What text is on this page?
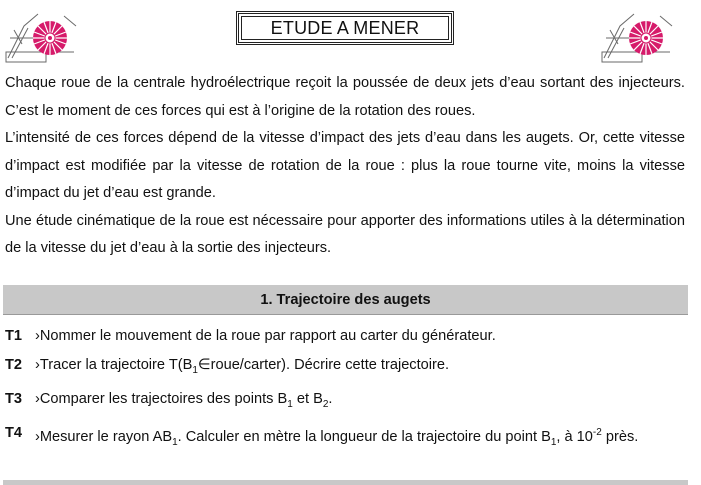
ETUDE A MENER

Chaque roue de la centrale hydroélectrique reçoit la poussée de deux jets d’eau sortant des injecteurs. C’est le moment de ces forces qui est à l’origine de la rotation des roues.

L’intensité de ces forces dépend de la vitesse d’impact des jets d’eau dans les augets. Or, cette vitesse d’impact est modifiée par la vitesse de rotation de la roue : plus la roue tourne vite, moins la vitesse d’impact du jet d’eau est grande.

Une étude cinématique de la roue est nécessaire pour apporter des informations utiles à la détermination de la vitesse du jet d’eau à la sortie des injecteurs.

1. Trajectoire des augets
T1 ›Nommer le mouvement de la roue par rapport au carter du générateur.
T2 ›Tracer la trajectoire $T(B_1\in roue/carter)$. Décrire cette trajectoire.
T3 ›Comparer les trajectoires des points $B_1$ et $B_2$.
T4 ›Mesurer le rayon $AB_1$. Calculer en mètre la longueur de la trajectoire du point $B_1$, à $10^{-2}$ près.
